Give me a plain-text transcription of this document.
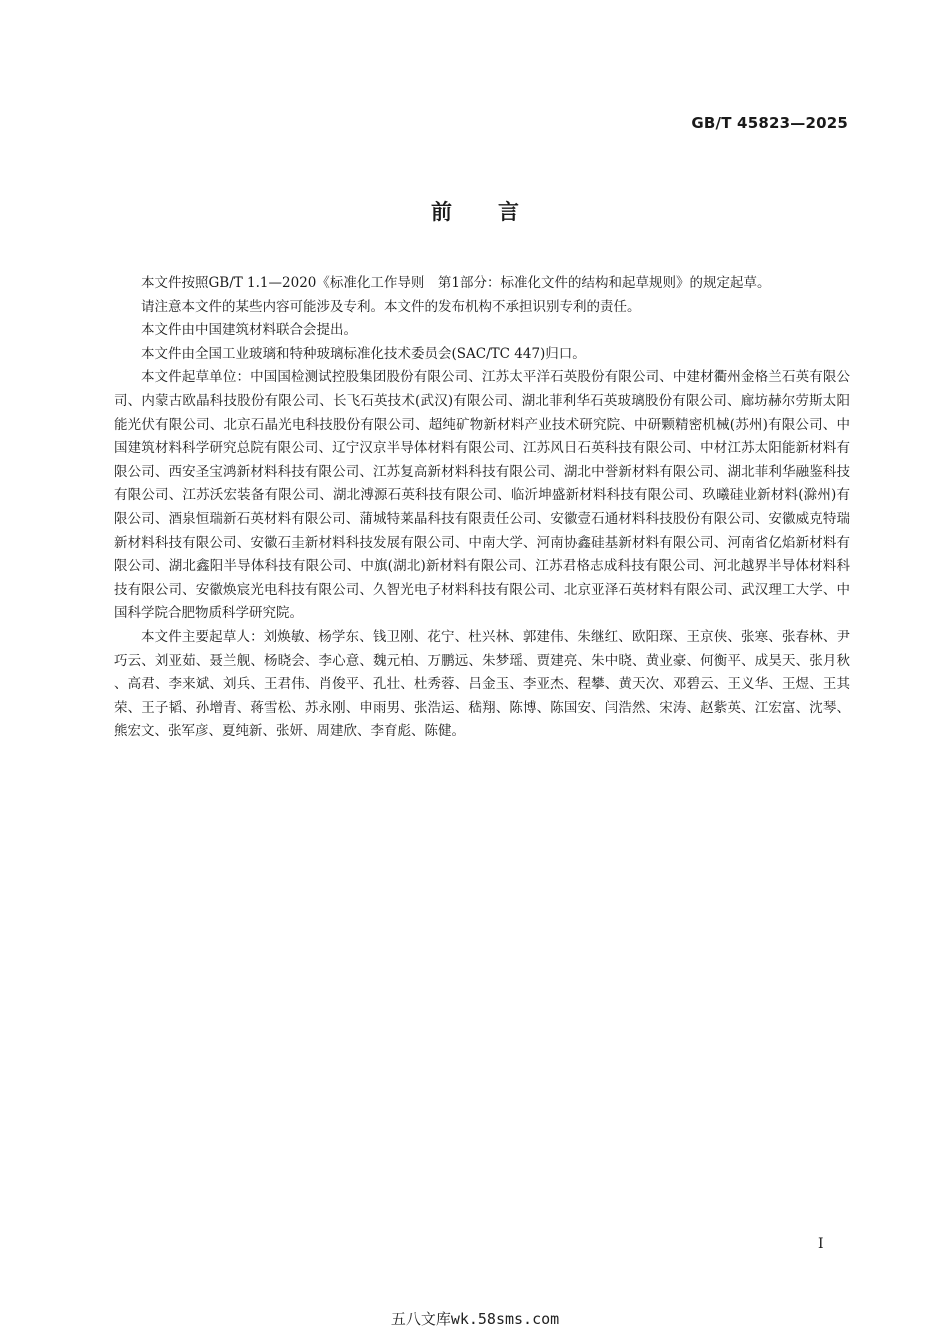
GB/T 45823—2025
前言

本文件按照GB/T 1.1—2020《标准化工作导则　第1部分：标准化文件的结构和起草规则》的规定起草。

请注意本文件的某些内容可能涉及专利。本文件的发布机构不承担识别专利的责任。

本文件由中国建筑材料联合会提出。

本文件由全国工业玻璃和特种玻璃标准化技术委员会(SAC/TC 447)归口。

本文件起草单位：中国国检测试控股集团股份有限公司、江苏太平洋石英股份有限公司、中建材衢州金格兰石英有限公司、内蒙古欧晶科技股份有限公司、长飞石英技术(武汉)有限公司、湖北菲利华石英玻璃股份有限公司、廊坊赫尔劳斯太阳能光伏有限公司、北京石晶光电科技股份有限公司、超纯矿物新材料产业技术研究院、中研颗精密机械(苏州)有限公司、中国建筑材料科学研究总院有限公司、辽宁汉京半导体材料有限公司、江苏风日石英科技有限公司、中材江苏太阳能新材料有限公司、西安圣宝鸿新材料科技有限公司、江苏复高新材料科技有限公司、湖北中誉新材料有限公司、湖北菲利华融鉴科技有限公司、江苏沃宏装备有限公司、湖北溥源石英科技有限公司、临沂坤盛新材料科技有限公司、玖曦硅业新材料(滁州)有限公司、酒泉恒瑞新石英材料有限公司、蒲城特莱晶科技有限责任公司、安徽壹石通材料科技股份有限公司、安徽威克特瑞新材料科技有限公司、安徽石圭新材料科技发展有限公司、中南大学、河南协鑫硅基新材料有限公司、河南省亿焰新材料有限公司、湖北鑫阳半导体科技有限公司、中旗(湖北)新材料有限公司、江苏君格志成科技有限公司、河北越界半导体材料科技有限公司、安徽焕宸光电科技有限公司、久智光电子材料科技有限公司、北京亚泽石英材料有限公司、武汉理工大学、中国科学院合肥物质科学研究院。

本文件主要起草人：刘焕敏、杨学东、钱卫刚、花宁、杜兴林、郭建伟、朱继红、欧阳琛、王京侠、张寒、张春林、尹巧云、刘亚茹、聂兰舰、杨晓会、李心意、魏元柏、万鹏远、朱梦瑶、贾建亮、朱中晓、黄业豪、何衡平、成昊天、张月秋、高君、李来斌、刘兵、王君伟、肖俊平、孔壮、杜秀蓉、吕金玉、李亚杰、程攀、黄天次、邓碧云、王义华、王煜、王其荣、王子韬、孙增青、蒋雪松、苏永刚、申雨男、张浩运、嵇翔、陈博、陈国安、闫浩然、宋涛、赵紫英、江宏富、沈琴、熊宏文、张军彦、夏纯新、张妍、周建欣、李育彪、陈健。

I
五八文库wk.58sms.com
